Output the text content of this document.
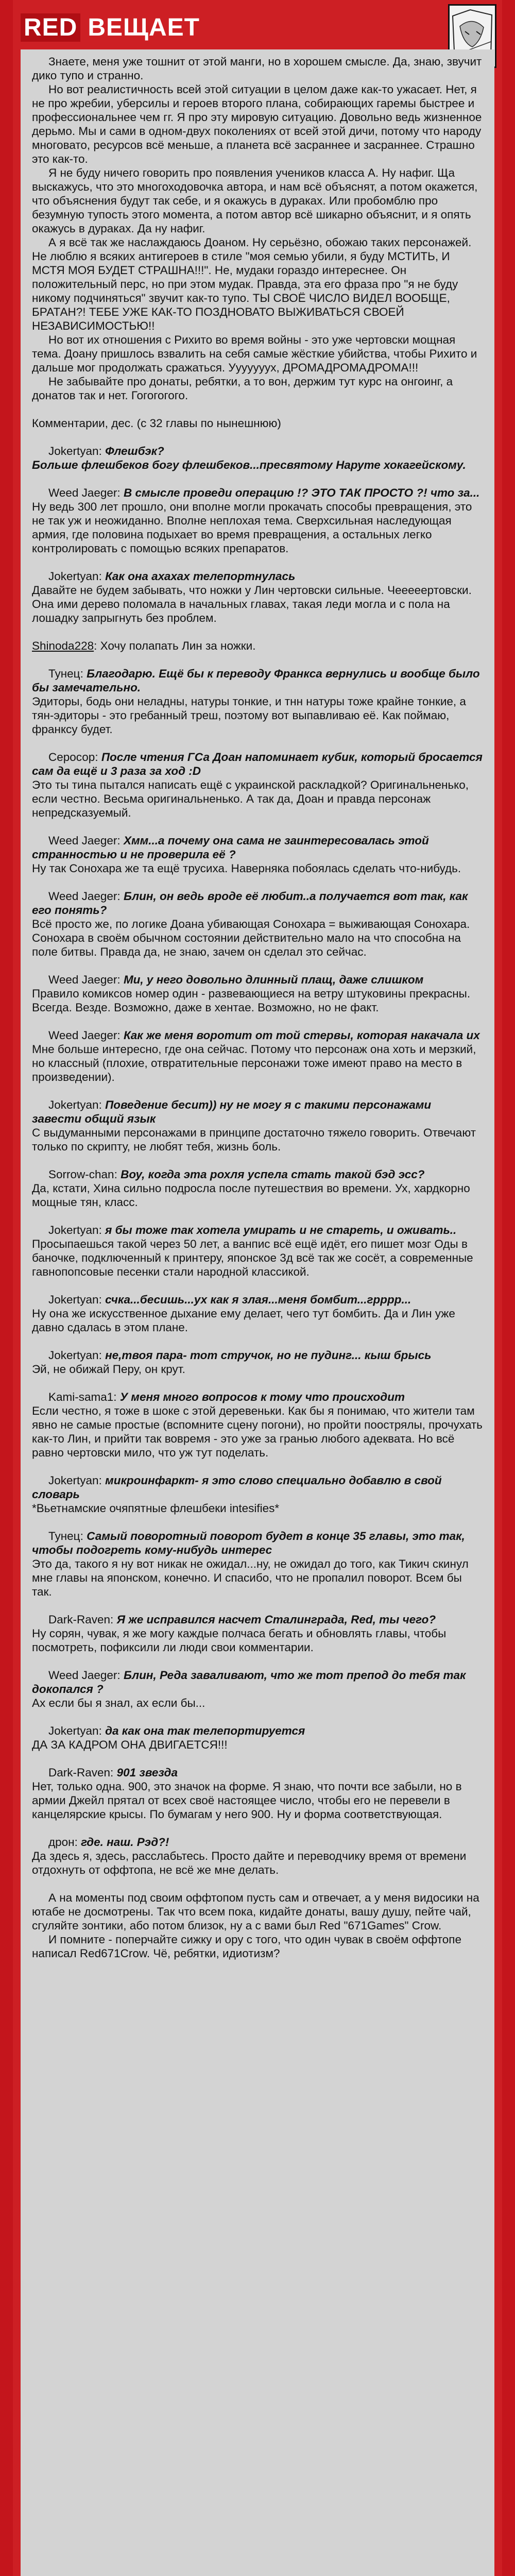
RED ВЕЩАЕТ

Знаете, меня уже тошнит от этой манги, но в хорошем смысле. Да, знаю, звучит дико тупо и странно.

Но вот реалистичность всей этой ситуации в целом даже как-то ужасает. Нет, я не про жребии, уберсилы и героев второго плана, собирающих гаремы быстрее и профессиональнее чем гг. Я про эту мировую ситуацию. Довольно ведь жизненное дерьмо. Мы и сами в одном-двух поколениях от всей этой дичи, потому что народу многовато, ресурсов всё меньше, а планета всё засраннее и засраннее. Страшно это как-то.

Я не буду ничего говорить про появления учеников класса А. Ну нафиг. Ща выскажусь, что это многоходовочка автора, и нам всё объяснят, а потом окажется, что объяснения будут так себе, и я окажусь в дураках. Или пробомблю про безумную тупость этого момента, а потом автор всё шикарно объяснит, и я опять окажусь в дураках. Да ну нафиг.

А я всё так же наслаждаюсь Доаном. Ну серьёзно, обожаю таких персонажей. Не люблю я всяких антигероев в стиле "моя семью убили, я буду МСТИТЬ, И МСТЯ МОЯ БУДЕТ СТРАШНА!!!". Не, мудаки гораздо интереснее. Он положительный перс, но при этом мудак. Правда, эта его фраза про "я не буду никому подчиняться" звучит как-то тупо. ТЫ СВОЁ ЧИСЛО ВИДЕЛ ВООБЩЕ, БРАТАН?! ТЕБЕ УЖЕ КАК-ТО ПОЗДНОВАТО ВЫЖИВАТЬСЯ СВОЕЙ НЕЗАВИСИМОСТЬЮ!!

Но вот их отношения с Рихито во время войны - это уже чертовски мощная тема. Доану пришлось взвалить на себя самые жёсткие убийства, чтобы Рихито и дальше мог продолжать сражаться. Ууууууух, ДРОМАДРОМАДРОМА!!!

Не забывайте про донаты, ребятки, а то вон, держим тут курс на онгоинг, а донатов так и нет. Гогогогого.

Комментарии, дес. (с 32 главы по нынешнюю)

Jokertyan: Флешбэк?

Больше флешбеков богу флешбеков...пресвятому Наруте хокагейскому.

Weed Jaeger: В смысле проведи операцию !? ЭТО ТАК ПРОСТО ?! что за...

Ну ведь 300 лет прошло, они вполне могли прокачать способы превращения, это не так уж и неожиданно. Вполне неплохая тема. Сверхсильная наследующая армия, где половина подыхает во время превращения, а остальных легко контролировать с помощью всяких препаратов.

Jokertyan: Как она ахахах телепортнулась

Давайте не будем забывать, что ножки у Лин чертовски сильные. Чееееертовски. Она ими дерево поломала в начальных главах, такая леди могла и с пола на лошадку запрыгнуть без проблем.

Shinoda228: Хочу полапать Лин за ножки.

Тунец: Благодарю. Ещё бы к переводу Франкса вернулись и вообще было бы замечательно.

Эдиторы, бодь они неладны, натуры тонкие, и тнн натуры тоже крайне тонкие, а тян-эдиторы - это гребанный треш, поэтому вот выпавливаю её. Как поймаю, франксу будет.

Серосор: После чтения ГСа Доан напоминает кубик, который бросается сам да ещё и 3 раза за ход :D

Это ты тина пытался написать ещё с украинской раскладкой? Оригинальненько, если честно. Весьма оригинальненько. А так да, Доан и правда персонаж непредсказуемый.

Weed Jaeger: Хмм...а почему она сама не заинтересовалась этой странностью и не проверила её ?

Ну так Сонохара же та ещё трусиха. Наверняка побоялась сделать что-нибудь.

Weed Jaeger: Блин, он ведь вроде её любит..а получается вот так, как его понять?

Всё просто же, по логике Доана убивающая Сонохара = выживающая Сонохара. Сонохара в своём обычном состоянии действительно мало на что способна на поле битвы. Правда да, не знаю, зачем он сделал это сейчас.

Weed Jaeger: Ми, у него довольно длинный плащ, даже слишком

Правило комиксов номер один - развевающиеся на ветру штуковины прекрасны. Всегда. Везде. Возможно, даже в хентае. Возможно, но не факт.

Weed Jaeger: Как же меня воротит от той стервы, которая накачала их

Мне больше интересно, где она сейчас. Потому что персонаж она хоть и мерзкий, но классный (плохие, отвратительные персонажи тоже имеют право на место в произведении).

Jokertyan: Поведение бесит)) ну не могу я с такими персонажами завести общий язык

С выдуманными персонажами в принципе достаточно тяжело говорить. Отвечают только по скрипту, не любят тебя, жизнь боль.

Sorrow-chan: Воу, когда эта рохля успела стать такой бэд эсс?

Да, кстати, Хина сильно подросла после путешествия во времени. Ух, хардкорно мощные тян, класс.

Jokertyan: я бы тоже так хотела умирать и не стареть, и оживать..

Просыпаешься такой через 50 лет, а ванпис всё ещё идёт, его пишет мозг Оды в баночке, подключенный к принтеру, японское 3д всё так же сосёт, а современные гавнопопсовые песенки стали народной классикой.

Jokertyan: счка...бесишь...ух как я злая...меня бомбит...грррр...

Ну она же искусственное дыхание ему делает, чего тут бомбить. Да и Лин уже давно сдалась в этом плане.

Jokertyan: не,твоя пара- тот стручок, но не пудинг... кыш брысь

Эй, не обижай Перу, он крут.

Kami-sama1: У меня много вопросов к тому что происходит

Если честно, я тоже в шоке с этой деревеньки. Как бы я понимаю, что жители там явно не самые простые (вспомните сцену погони), но пройти поострялы, прочухать как-то Лин, и прийти так вовремя - это уже за гранью любого адеквата. Но всё равно чертовски мило, что уж тут поделать.

Jokertyan: микроинфаркт- я это слово специально добавлю в свой словарь

*Вьетнамские очяпятные флешбеки intesifies*

Тунец: Самый поворотный поворот будет в конце 35 главы, это так, чтобы подогреть кому-нибудь интерес

Это да, такого я ну вот никак не ожидал...ну, не ожидал до того, как Тикич скинул мне главы на японском, конечно. И спасибо, что не пропалил поворот. Всем бы так.

Dark-Raven: Я же исправился насчет Сталинграда, Red, ты чего?

Ну сорян, чувак, я же могу каждые полчаса бегать и обновлять главы, чтобы посмотреть, пофиксили ли люди свои комментарии.

Weed Jaeger: Блин, Реда заваливают, что же тот препод до тебя так докопался ?

Ах если бы я знал, ах если бы...

Jokertyan: да как она так телепортируется

ДА ЗА КАДРОМ ОНА ДВИГАЕТСЯ!!!

Dark-Raven: 901 звезда

Нет, только одна. 900, это значок на форме. Я знаю, что почти все забыли, но в армии Джейл прятал от всех своё настоящее число, чтобы его не перевели в канцелярские крысы. По бумагам у него 900. Ну и форма соответствующая.

дрон: где. наш. Рэд?!

Да здесь я, здесь, расслабьтесь. Просто дайте и переводчику время от времени отдохнуть от оффтопа, не всё же мне делать.

А на моменты под своим оффтопом пусть сам и отвечает, а у меня видосики на ютабе не досмотрены. Так что всем пока, кидайте донаты, вашу душу, пейте чай, сгуляйте зонтики, або потом близок, ну а с вами был Red "671Games" Crow.

И помните - поперчайте сижку и ору с того, что один чувак в своём оффтопе написал Red671Crow. Чё, ребятки, идиотизм?
